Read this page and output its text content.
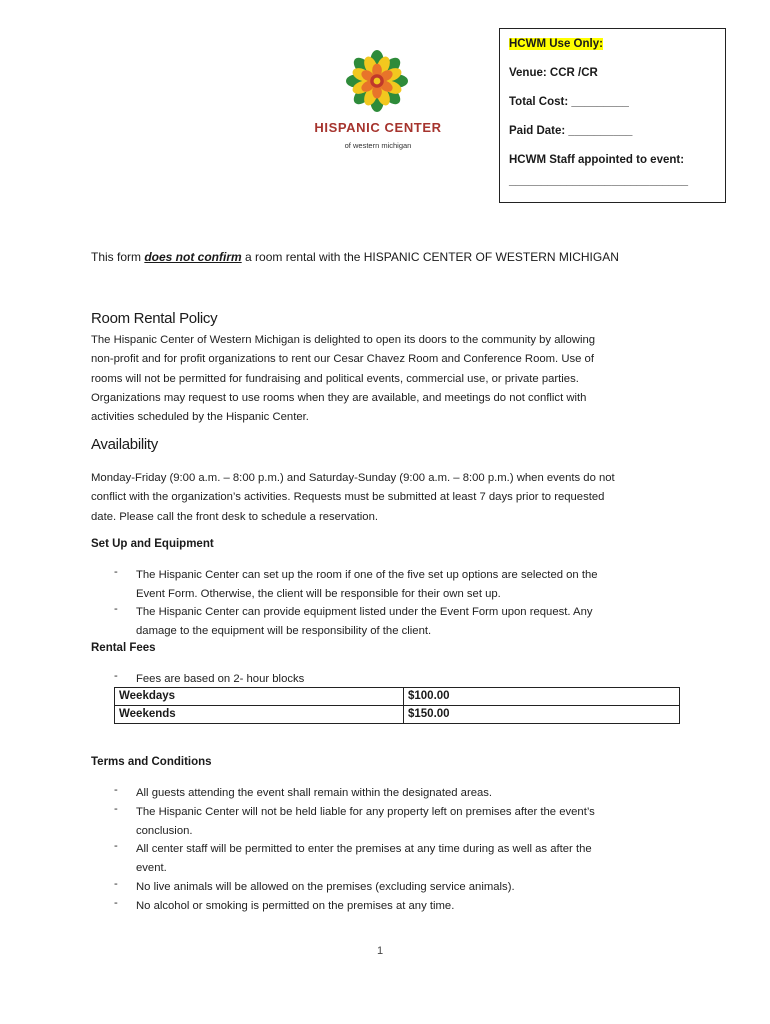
HISPANIC CENTER
of western michigan
HCWM Use Only:
Venue: CCR /CR
Total Cost: _________
Paid Date: __________
HCWM Staff appointed to event:
____________________________
This form does not confirm a room rental with the HISPANIC CENTER OF WESTERN MICHIGAN
Room Rental Policy
The Hispanic Center of Western Michigan is delighted to open its doors to the community by allowing
non-profit and for profit organizations to rent our Cesar Chavez Room and Conference Room. Use of
rooms will not be permitted for fundraising and political events, commercial use, or private parties.
Organizations may request to use rooms when they are available, and meetings do not conflict with
activities scheduled by the Hispanic Center.
Availability
Monday-Friday (9:00 a.m. – 8:00 p.m.) and Saturday-Sunday (9:00 a.m. – 8:00 p.m.) when events do not
conflict with the organization’s activities. Requests must be submitted at least 7 days prior to requested
date. Please call the front desk to schedule a reservation.
Set Up and Equipment
- The Hispanic Center can set up the room if one of the five set up options are selected on the
Event Form. Otherwise, the client will be responsible for their own set up.
- The Hispanic Center can provide equipment listed under the Event Form upon request. Any
damage to the equipment will be responsibility of the client.
Rental Fees
- Fees are based on 2- hour blocks
Weekdays	$100.00
Weekends	$150.00
Terms and Conditions
- All guests attending the event shall remain within the designated areas.
- The Hispanic Center will not be held liable for any property left on premises after the event’s
conclusion.
- All center staff will be permitted to enter the premises at any time during as well as after the
event.
- No live animals will be allowed on the premises (excluding service animals).
- No alcohol or smoking is permitted on the premises at any time.
1
